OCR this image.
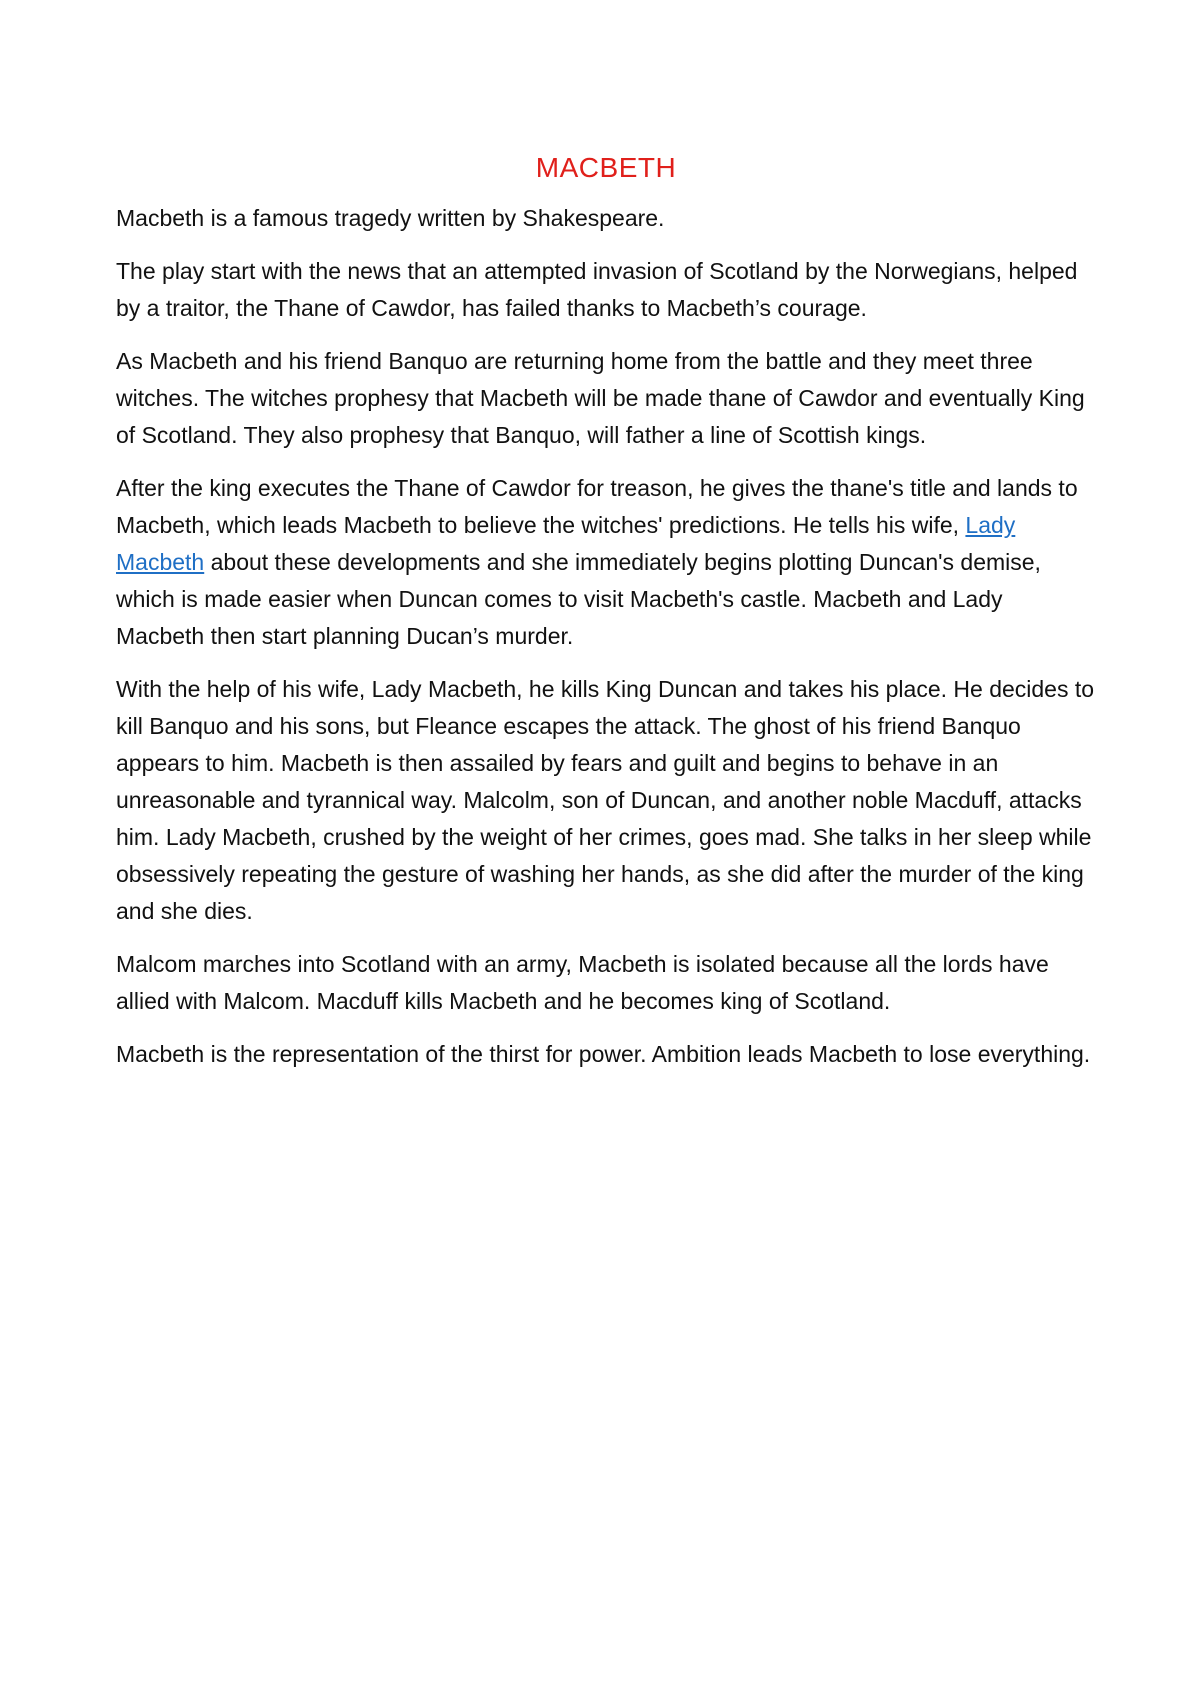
MACBETH

Macbeth is a famous tragedy written by Shakespeare.

The play start with the news that an attempted invasion of Scotland by the Norwegians, helped by a traitor, the Thane of Cawdor, has failed thanks to Macbeth’s courage.

As Macbeth and his friend Banquo are returning home from the battle and they meet three witches. The witches prophesy that Macbeth will be made thane of Cawdor and eventually King of Scotland. They also prophesy that Banquo, will father a line of Scottish kings.

After the king executes the Thane of Cawdor for treason, he gives the thane's title and lands to Macbeth, which leads Macbeth to believe the witches' predictions. He tells his wife, Lady Macbeth about these developments and she immediately begins plotting Duncan's demise, which is made easier when Duncan comes to visit Macbeth's castle. Macbeth and Lady Macbeth then start planning Ducan’s murder.

With the help of his wife, Lady Macbeth, he kills King Duncan and takes his place. He decides to kill Banquo and his sons, but Fleance escapes the attack. The ghost of his friend Banquo appears to him. Macbeth is then assailed by fears and guilt and begins to behave in an unreasonable and tyrannical way. Malcolm, son of Duncan, and another noble Macduff, attacks him. Lady Macbeth, crushed by the weight of her crimes, goes mad. She talks in her sleep while obsessively repeating the gesture of washing her hands, as she did after the murder of the king and she dies.

Malcom marches into Scotland with an army, Macbeth is isolated because all the lords have allied with Malcom. Macduff kills Macbeth and he becomes king of Scotland.

Macbeth is the representation of the thirst for power. Ambition leads Macbeth to lose everything.
